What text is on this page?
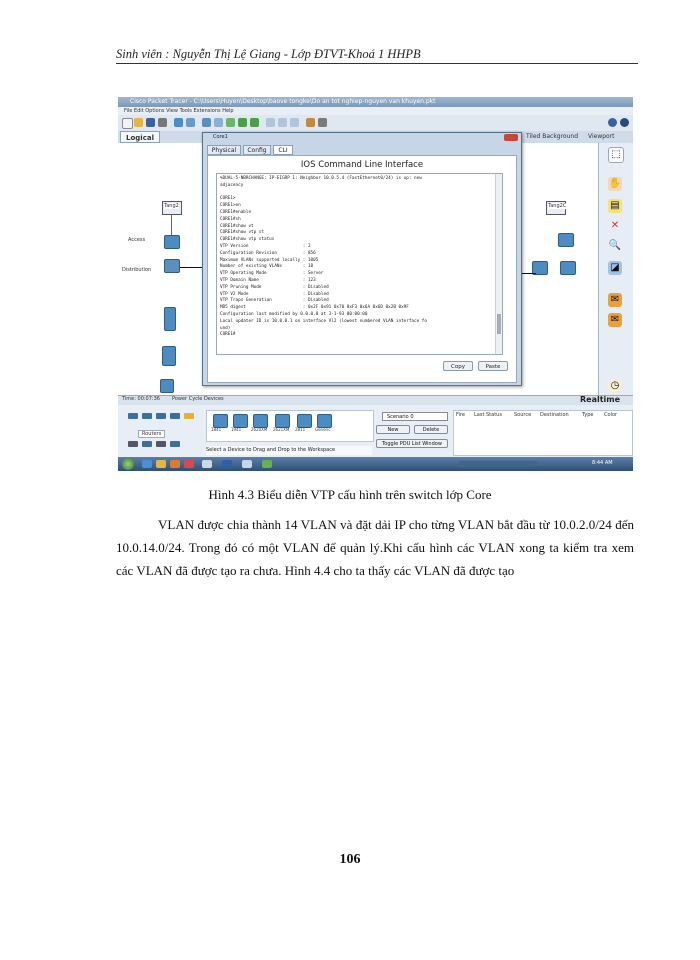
Sinh viên : Nguyễn Thị Lệ Giang - Lớp ĐTVT-Khoá 1 HHPB
Cisco Packet Tracer - C:\Users\Huyen\Desktop\baove tongke\Do an tot nghiep-nguyen van khuyen.pkt
File Edit Options View Tools Extensions Help
Logical	Tiled Background Viewport
Access
Distribution
Tang2	Tang2C
⬚
✋
▤
✕
🔍
◪
✉
✉
◷
Core1
Physical	Config	CLI
IOS Command Line Interface
%DUAL-5-NBRCHANGE: IP-EIGRP 1: Neighbor 10.0.5.4 (FastEthernet0/24) is up: new
adjacency
CORE1>
CORE1>en
CORE1#enable
CORE1#sh
CORE1#show vt
CORE1#show vtp st
CORE1#show vtp status
VTP Version                     : 2
Configuration Revision          : 856
Maximum VLANs supported locally : 1005
Number of existing VLANs        : 18
VTP Operating Mode              : Server
VTP Domain Name                 : 123
VTP Pruning Mode                : Disabled
VTP V2 Mode                     : Disabled
VTP Traps Generation            : Disabled
MD5 digest                      : 0x2F 0x91 0x70 0xF3 0x6A 0x6D 0x2B 0x9F
Configuration last modified by 0.0.0.0 at 3-1-93 00:00:00
Local updater ID is 10.0.0.1 on interface Vl2 (lowest numbered VLAN interface fo
und)
CORE1#
Copy	Paste
Time: 00:07:36 Power Cycle Devices	Realtime
Routers
1841	1941	2620XM	2621XM	2811	Generic
Select a Device to Drag and Drop to the Workspace
Scenario 0
New	Delete
Toggle PDU List Window
Fire Last Status Source Destination	Type Color
8:44 AM
Hình 4.3 Biểu diễn VTP cấu hình trên switch lớp Core
VLAN được chia thành 14 VLAN và đặt dải IP cho từng VLAN bắt đầu từ 10.0.2.0/24 đến 10.0.14.0/24. Trong đó có một VLAN để quản lý.Khi cấu hình các VLAN xong ta kiểm tra xem các VLAN đã được tạo ra chưa. Hình 4.4 cho ta thấy các VLAN đã được tạo
106
